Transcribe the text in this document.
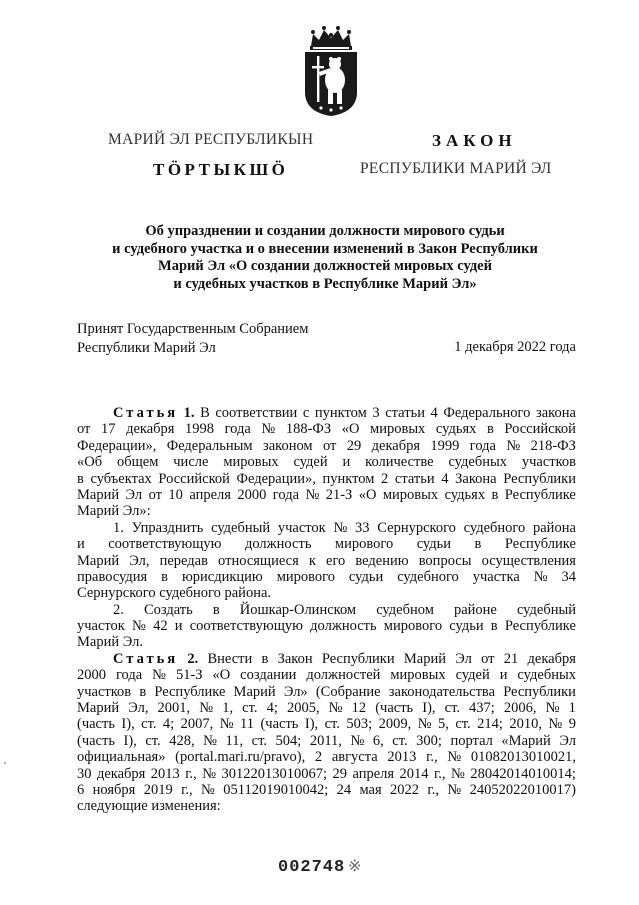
МАРИЙ ЭЛ РЕСПУБЛИКЫН
ТÖРТЫКШÖ
ЗАКОН
РЕСПУБЛИКИ МАРИЙ ЭЛ
Об упразднении и создании должности мирового судьи
и судебного участка и о внесении изменений в Закон Республики
Марий Эл «О создании должностей мировых судей
и судебных участков в Республике Марий Эл»
Принят Государственным Собранием
Республики Марий Эл	1 декабря 2022 года
Статья 1. В соответствии с пунктом 3 статьи 4 Федерального закона
от 17 декабря 1998 года № 188-ФЗ «О мировых судьях в Российской
Федерации», Федеральным законом от 29 декабря 1999 года № 218-ФЗ
«Об общем числе мировых судей и количестве судебных участков
в субъектах Российской Федерации», пунктом 2 статьи 4 Закона Республики
Марий Эл от 10 апреля 2000 года № 21-З «О мировых судьях в Республике
Марий Эл»:
1. Упразднить судебный участок № 33 Сернурского судебного района
и соответствующую должность мирового судьи в Республике
Марий Эл, передав относящиеся к его ведению вопросы осуществления
правосудия в юрисдикцию мирового судьи судебного участка № 34
Сернурского судебного района.
2. Создать в Йошкар-Олинском судебном районе судебный
участок № 42 и соответствующую должность мирового судьи в Республике
Марий Эл.
Статья 2. Внести в Закон Республики Марий Эл от 21 декабря
2000 года № 51-З «О создании должностей мировых судей и судебных
участков в Республике Марий Эл» (Собрание законодательства Республики
Марий Эл, 2001, № 1, ст. 4; 2005, № 12 (часть I), ст. 437; 2006, № 1
(часть I), ст. 4; 2007, № 11 (часть I), ст. 503; 2009, № 5, ст. 214; 2010, № 9
(часть I), ст. 428, № 11, ст. 504; 2011, № 6, ст. 300; портал «Марий Эл
официальная» (portal.mari.ru/pravo), 2 августа 2013 г., № 01082013010021,
30 декабря 2013 г., № 30122013010067; 29 апреля 2014 г., № 28042014010014;
6 ноября 2019 г., № 05112019010042; 24 мая 2022 г., № 24052022010017)
следующие изменения:
002748 ※
